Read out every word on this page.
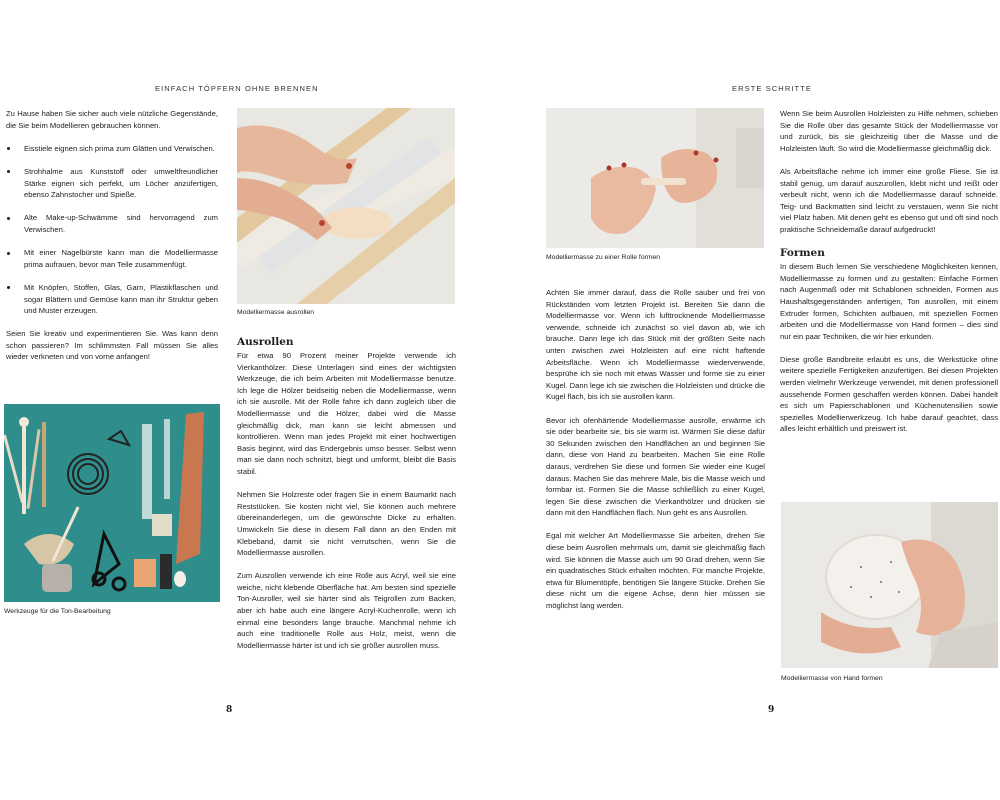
EINFACH TÖPFERN OHNE BRENNEN

Zu Hause haben Sie sicher auch viele nützliche Gegenstände, die Sie beim Modellieren gebrauchen können.

Eisstiele eignen sich prima zum Glätten und Verwischen.
Strohhalme aus Kunststoff oder umweltfreundlicher Stärke eignen sich perfekt, um Löcher anzufertigen, ebenso Zahnstocher und Spieße.
Alte Make-up-Schwämme sind hervorragend zum Verwischen.
Mit einer Nagelbürste kann man die Modelliermasse prima aufrauen, bevor man Teile zusammenfügt.
Mit Knöpfen, Stoffen, Glas, Garn, Plastikflaschen und sogar Blättern und Gemüse kann man ihr Struktur geben und Muster erzeugen.

Seien Sie kreativ und experimentieren Sie. Was kann denn schon passieren? Im schlimmsten Fall müssen Sie alles wieder verkneten und von vorne anfangen!

Werkzeuge für die Ton-Bearbeitung
Modelliermasse ausrollen
Ausrollen

Für etwa 90 Prozent meiner Projekte verwende ich Vierkanthölzer. Diese Unterlagen sind eines der wichtigsten Werkzeuge, die ich beim Arbeiten mit Modelliermasse benutze. Ich lege die Hölzer beidseitig neben die Modelliermasse, wenn ich sie ausrolle. Mit der Rolle fahre ich dann zugleich über die Modelliermasse und die Hölzer, dabei wird die Masse gleichmäßig dick, man kann sie leicht abmessen und kontrollieren. Wenn man jedes Projekt mit einer hochwertigen Basis beginnt, wird das Endergebnis umso besser. Selbst wenn man sie dann noch schnitzt, biegt und umformt, bleibt die Basis stabil.

Nehmen Sie Holzreste oder fragen Sie in einem Baumarkt nach Reststücken. Sie kosten nicht viel, Sie können auch mehrere übereinanderlegen, um die gewünschte Dicke zu erhalten. Umwickeln Sie diese in diesem Fall dann an den Enden mit Klebeband, damit sie nicht verrutschen, wenn Sie die Modelliermasse ausrollen.

Zum Ausrollen verwende ich eine Rolle aus Acryl, weil sie eine weiche, nicht klebende Oberfläche hat. Am besten sind spezielle Ton-Ausroller, weil sie härter sind als Teigrollen zum Backen, aber ich habe auch eine längere Acryl-Kuchenrolle, wenn ich einmal eine besonders lange brauche. Manchmal nehme ich auch eine traditionelle Rolle aus Holz, meist, wenn die Modelliermasse härter ist und ich sie größer ausrollen muss.

8
ERSTE SCHRITTE
Modelliermasse zu einer Rolle formen

Achten Sie immer darauf, dass die Rolle sauber und frei von Rückständen vom letzten Projekt ist. Bereiten Sie dann die Modelliermasse vor. Wenn ich lufttrocknende Modelliermasse verwende, schneide ich zunächst so viel davon ab, wie ich brauche. Dann lege ich das Stück mit der größten Seite nach unten zwischen zwei Holzleisten auf eine nicht haftende Arbeitsfläche. Wenn ich Modelliermasse wiederverwende, besprühe ich sie noch mit etwas Wasser und forme sie zu einer Kugel. Dann lege ich sie zwischen die Holzleisten und drücke die Kugel flach, bis ich sie ausrollen kann.

Bevor ich ofenhärtende Modelliermasse ausrolle, erwärme ich sie oder bearbeite sie, bis sie warm ist. Wärmen Sie diese dafür 30 Sekunden zwischen den Handflächen an und beginnen Sie dann, diese von Hand zu bearbeiten. Machen Sie eine Rolle daraus, verdrehen Sie diese und formen Sie wieder eine Kugel daraus. Machen Sie das mehrere Male, bis die Masse weich und formbar ist. Formen Sie die Masse schließlich zu einer Kugel, legen Sie diese zwischen die Vierkanthölzer und drücken sie dann mit den Handflächen flach. Nun geht es ans Ausrollen.

Egal mit welcher Art Modelliermasse Sie arbeiten, drehen Sie diese beim Ausrollen mehrmals um, damit sie gleichmäßig flach wird. Sie können die Masse auch um 90 Grad drehen, wenn Sie ein quadratisches Stück erhalten möchten. Für manche Projekte, etwa für Blumentöpfe, benötigen Sie längere Stücke. Drehen Sie diese nicht um die eigene Achse, denn hier müssen sie möglichst lang werden.

Wenn Sie beim Ausrollen Holzleisten zu Hilfe nehmen, schieben Sie die Rolle über das gesamte Stück der Modelliermasse vor und zurück, bis sie gleichzeitig über die Masse und die Holzleisten läuft. So wird die Modelliermasse gleichmäßig dick.

Als Arbeitsfläche nehme ich immer eine große Fliese. Sie ist stabil genug, um darauf auszurollen, klebt nicht und reißt oder verbeult nicht, wenn ich die Modelliermasse darauf schneide. Teig- und Backmatten sind leicht zu verstauen, wenn Sie nicht viel Platz haben. Mit denen geht es ebenso gut und oft sind noch praktische Schneidemaße darauf aufgedruckt!

Formen

In diesem Buch lernen Sie verschiedene Möglichkeiten kennen, Modelliermasse zu formen und zu gestalten: Einfache Formen nach Augenmaß oder mit Schablonen schneiden, Formen aus Haushaltsgegenständen anfertigen, Ton ausrollen, mit einem Extruder formen, Schichten aufbauen, mit speziellen Formen arbeiten und die Modelliermasse von Hand formen – dies sind nur ein paar Techniken, die wir hier erkunden.

Diese große Bandbreite erlaubt es uns, die Werkstücke ohne weitere spezielle Fertigkeiten anzufertigen. Bei diesen Projekten werden vielmehr Werkzeuge verwendet, mit denen professionell aussehende Formen geschaffen werden können. Dabei handelt es sich um Papierschablonen und Küchenutensilien sowie spezielles Modellierwerkzeug. Ich habe darauf geachtet, dass alles leicht erhältlich und preiswert ist.

Modelliermasse von Hand formen
9
